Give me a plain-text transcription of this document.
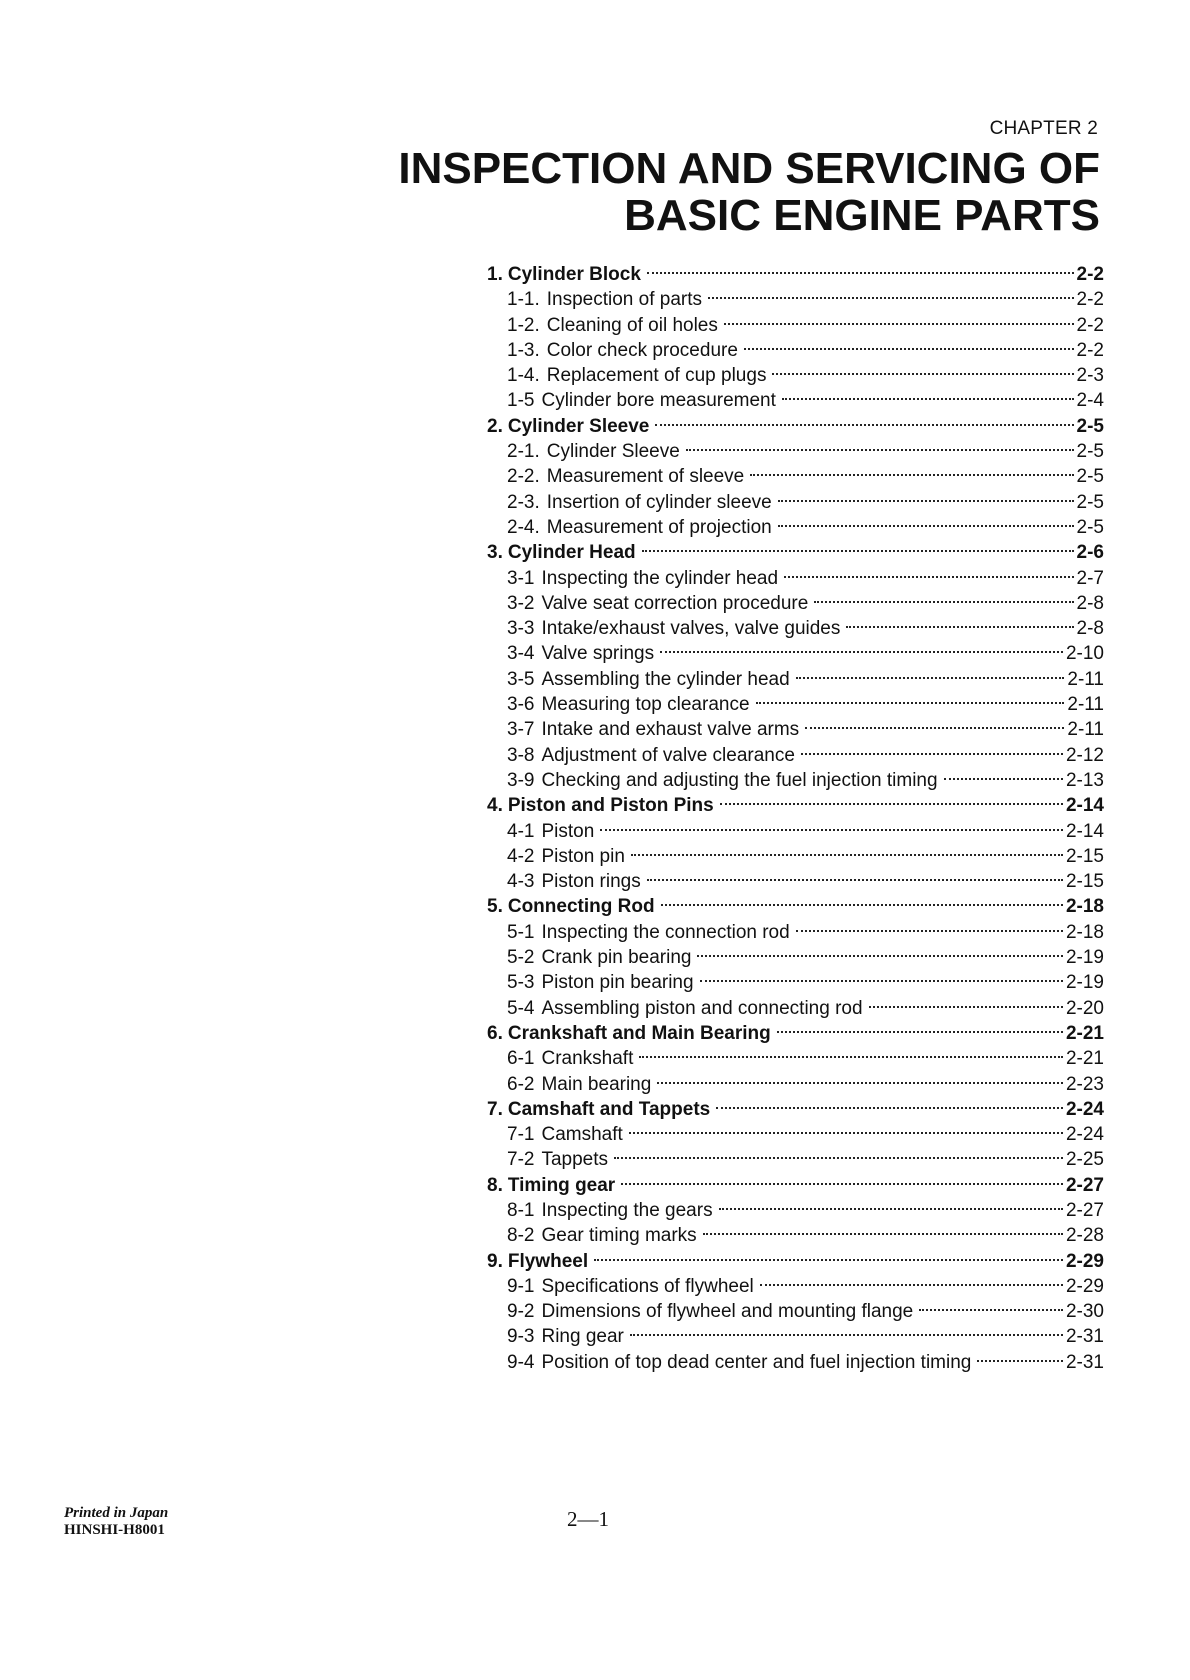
CHAPTER 2
INSPECTION AND SERVICING OF
BASIC ENGINE PARTS
1. Cylinder Block	2-2
1-1. Inspection of parts	2-2
1-2. Cleaning of oil holes	2-2
1-3. Color check procedure	2-2
1-4. Replacement of cup plugs	2-3
1-5 Cylinder bore measurement	2-4
2. Cylinder Sleeve	2-5
2-1. Cylinder Sleeve	2-5
2-2. Measurement of sleeve	2-5
2-3. Insertion of cylinder sleeve	2-5
2-4. Measurement of projection	2-5
3. Cylinder Head	2-6
3-1 Inspecting the cylinder head	2-7
3-2 Valve seat correction procedure	2-8
3-3 Intake/exhaust valves, valve guides	2-8
3-4 Valve springs	2-10
3-5 Assembling the cylinder head	2-11
3-6 Measuring top clearance	2-11
3-7 Intake and exhaust valve arms	2-11
3-8 Adjustment of valve clearance	2-12
3-9 Checking and adjusting the fuel injection timing	2-13
4. Piston and Piston Pins	2-14
4-1 Piston	2-14
4-2 Piston pin	2-15
4-3 Piston rings	2-15
5. Connecting Rod	2-18
5-1 Inspecting the connection rod	2-18
5-2 Crank pin bearing	2-19
5-3 Piston pin bearing	2-19
5-4 Assembling piston and connecting rod	2-20
6. Crankshaft and Main Bearing	2-21
6-1 Crankshaft	2-21
6-2 Main bearing	2-23
7. Camshaft and Tappets	2-24
7-1 Camshaft	2-24
7-2 Tappets	2-25
8. Timing gear	2-27
8-1 Inspecting the gears	2-27
8-2 Gear timing marks	2-28
9. Flywheel	2-29
9-1 Specifications of flywheel	2-29
9-2 Dimensions of flywheel and mounting flange	2-30
9-3 Ring gear	2-31
9-4 Position of top dead center and fuel injection timing	2-31
Printed in Japan
HINSHI-H8001	2—1
